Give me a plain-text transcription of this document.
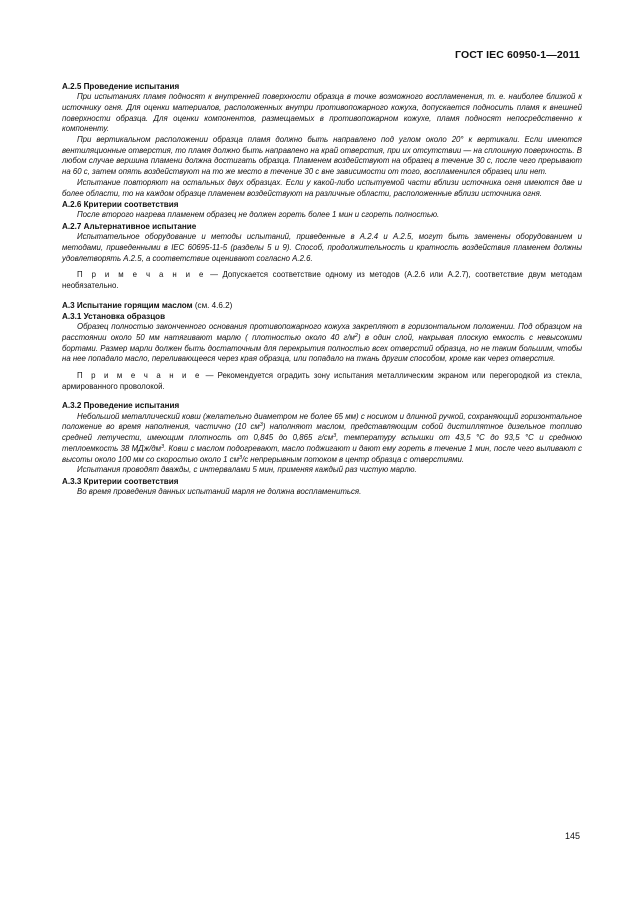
ГОСТ IEC 60950-1—2011

А.2.5 Проведение испытания

При испытаниях пламя подносят к внутренней поверхности образца в точке возможного воспламенения, т. е. наиболее близкой к источнику огня. Для оценки материалов, расположенных внутри противопожарного кожуха, допускается подносить пламя к внешней поверхности образца. Для оценки компонентов, размещаемых в противопожарном кожухе, пламя подносят непосредственно к компоненту.

При вертикальном расположении образца пламя должно быть направлено под углом около 20° к вертикали. Если имеются вентиляционные отверстия, то пламя должно быть направлено на край отверстия, при их отсутствии — на сплошную поверхность. В любом случае вершина пламени должна достигать образца. Пламенем воздействуют на образец в течение 30 с, после чего прерывают на 60 с, затем опять воздействуют на то же место в течение 30 с вне зависимости от того, воспламенился образец или нет.

Испытание повторяют на остальных двух образцах. Если у какой-либо испытуемой части вблизи источника огня имеются две и более области, то на каждом образце пламенем воздействуют на различные области, расположенные вблизи источника огня.

А.2.6 Критерии соответствия

После второго нагрева пламенем образец не должен гореть более 1 мин и сгореть полностью.

А.2.7 Альтернативное испытание

Испытательное оборудование и методы испытаний, приведенные в А.2.4 и А.2.5, могут быть заменены оборудованием и методами, приведенными в IEC 60695-11-5 (разделы 5 и 9). Способ, продолжительность и кратность воздействия пламенем должны удовлетворять А.2.5, а соответствие оценивают согласно А.2.6.

П р и м е ч а н и е — Допускается соответствие одному из методов (А.2.6 или А.2.7), соответствие двум методам необязательно.

А.3 Испытание горящим маслом (см. 4.6.2)

А.3.1 Установка образцов

Образец полностью законченного основания противопожарного кожуха закрепляют в горизонтальном положении. Под образцом на расстоянии около 50 мм натягивают марлю ( плотностью около 40 $г/м^2$) в один слой, накрывая плоскую емкость с невысокими бортами. Размер марли должен быть достаточным для перекрытия полностью всех отверстий образца, но не таким большим, чтобы на нее попадало масло, переливающееся через края образца, или попадало на ткань другим способом, кроме как через отверстия.

П р и м е ч а н и е — Рекомендуется оградить зону испытания металлическим экраном или перегородкой из стекла, армированного проволокой.

А.3.2 Проведение испытания

Небольшой металлический ковш (желательно диаметром не более 65 мм) с носиком и длинной ручкой, сохраняющий горизонтальное положение во время наполнения, частично (10 $см^3$) наполняют маслом, представляющим собой дистиллятное дизельное топливо средней летучести, имеющим плотность от 0,845 до 0,865 $г/см^3$, температуру вспышки от 43,5 °С до 93,5 °С и среднюю теплоемкость 38 МДж/$дм^3$. Ковш с маслом подогревают, масло поджигают и дают ему гореть в течение 1 мин, после чего выливают с высоты около 100 мм со скоростью около 1 $см^3/с$ непрерывным потоком в центр образца с отверстиями.

Испытания проводят дважды, с интервалами 5 мин, применяя каждый раз чистую марлю.

А.3.3 Критерии соответствия

Во время проведения данных испытаний марля не должна воспламениться.

145
